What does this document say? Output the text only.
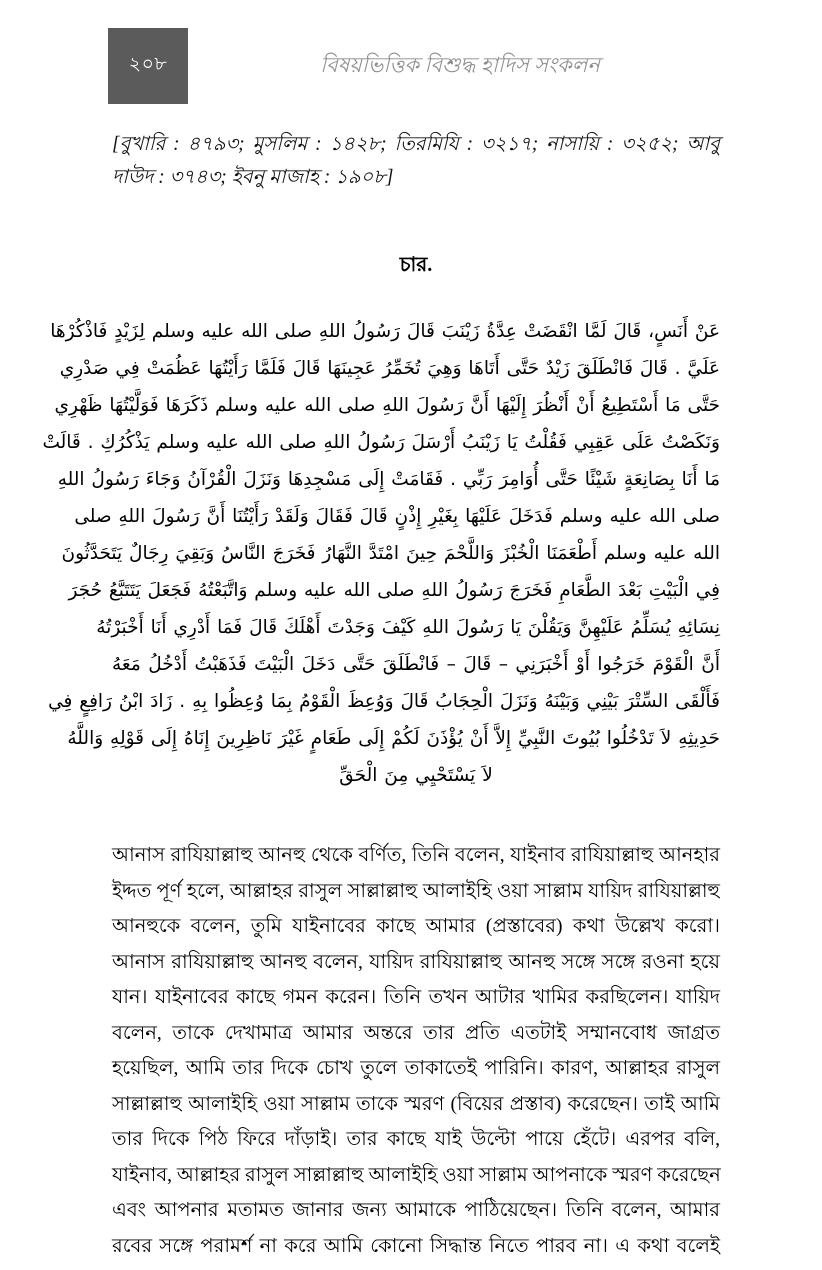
২০৮	বিষয়ভিত্তিক বিশুদ্ধ হাদিস সংকলন

[বুখারি : ৪৭৯৩; মুসলিম : ১৪২৮; তিরমিযি : ৩২১৭; নাসায়ি : ৩২৫২; আবু দাউদ : ৩৭৪৩; ইবনু মাজাহ : ১৯০৮]

চার.
عَنْ أَنَسٍ، قَالَ لَمَّا انْقَضَتْ عِدَّةُ زَيْنَبَ قَالَ رَسُولُ اللهِ صلى الله عليه وسلم لِزَيْدٍ فَاذْكُرْهَا
عَلَيَّ . قَالَ فَانْطَلَقَ زَيْدٌ حَتَّى أَتَاهَا وَهِيَ تُخَمِّرُ عَجِينَهَا قَالَ فَلَمَّا رَأَيْتُهَا عَظُمَتْ فِي صَدْرِي
حَتَّى مَا أَسْتَطِيعُ أَنْ أَنْظُرَ إِلَيْهَا أَنَّ رَسُولَ اللهِ صلى الله عليه وسلم ذَكَرَهَا فَوَلَّيْتُهَا ظَهْرِي
وَنَكَصْتُ عَلَى عَقِبِي فَقُلْتُ يَا زَيْنَبُ أَرْسَلَ رَسُولُ اللهِ صلى الله عليه وسلم يَذْكُرُكِ . قَالَتْ
مَا أَنَا بِصَانِعَةٍ شَيْئًا حَتَّى أُوَامِرَ رَبِّي . فَقَامَتْ إِلَى مَسْجِدِهَا وَنَزَلَ الْقُرْآنُ وَجَاءَ رَسُولُ اللهِ
صلى الله عليه وسلم فَدَخَلَ عَلَيْهَا بِغَيْرِ إِذْنٍ قَالَ فَقَالَ وَلَقَدْ رَأَيْتُنَا أَنَّ رَسُولَ اللهِ صلى
الله عليه وسلم أَطْعَمَنَا الْخُبْزَ وَاللَّحْمَ حِينَ امْتَدَّ النَّهَارُ فَخَرَجَ النَّاسُ وَبَقِيَ رِجَالٌ يَتَحَدَّثُونَ
فِي الْبَيْتِ بَعْدَ الطَّعَامِ فَخَرَجَ رَسُولُ اللهِ صلى الله عليه وسلم وَاتَّبَعْتُهُ فَجَعَلَ يَتَتَبَّعُ حُجَرَ
نِسَائِهِ يُسَلِّمُ عَلَيْهِنَّ وَيَقُلْنَ يَا رَسُولَ اللهِ كَيْفَ وَجَدْتَ أَهْلَكَ قَالَ فَمَا أَدْرِي أَنَا أَخْبَرْتُهُ
أَنَّ الْقَوْمَ خَرَجُوا أَوْ أَخْبَرَنِي – قَالَ – فَانْطَلَقَ حَتَّى دَخَلَ الْبَيْتَ فَذَهَبْتُ أَدْخُلُ مَعَهُ
فَأَلْقَى السِّتْرَ بَيْنِي وَبَيْنَهُ وَنَزَلَ الْحِجَابُ قَالَ وَوُعِظَ الْقَوْمُ بِمَا وُعِظُوا بِهِ . زَادَ ابْنُ رَافِعٍ فِي
حَدِيثِهِ لاَ تَدْخُلُوا بُيُوتَ النَّبِيِّ إِلاَّ أَنْ يُؤْذَنَ لَكُمْ إِلَى طَعَامٍ غَيْرَ نَاظِرِينَ إِنَاهُ إِلَى قَوْلِهِ وَاللَّهُ
لاَ يَسْتَحْيِي مِنَ الْحَقِّ
আনাস রাযিয়াল্লাহু আনহু থেকে বর্ণিত, তিনি বলেন, যাইনাব রাযিয়াল্লাহু আনহার
ইদ্দত পূর্ণ হলে, আল্লাহর রাসুল সাল্লাল্লাহু আলাইহি ওয়া সাল্লাম যায়িদ রাযিয়াল্লাহু
আনহুকে বলেন, তুমি যাইনাবের কাছে আমার (প্রস্তাবের) কথা উল্লেখ করো।
আনাস রাযিয়াল্লাহু আনহু বলেন, যায়িদ রাযিয়াল্লাহু আনহু সঙ্গে সঙ্গে রওনা হয়ে
যান। যাইনাবের কাছে গমন করেন। তিনি তখন আটার খামির করছিলেন। যায়িদ
বলেন, তাকে দেখামাত্র আমার অন্তরে তার প্রতি এতটাই সম্মানবোধ জাগ্রত
হয়েছিল, আমি তার দিকে চোখ তুলে তাকাতেই পারিনি। কারণ, আল্লাহর রাসুল
সাল্লাল্লাহু আলাইহি ওয়া সাল্লাম তাকে স্মরণ (বিয়ের প্রস্তাব) করেছেন। তাই আমি
তার দিকে পিঠ ফিরে দাঁড়াই। তার কাছে যাই উল্টো পায়ে হেঁটে। এরপর বলি,
যাইনাব, আল্লাহর রাসুল সাল্লাল্লাহু আলাইহি ওয়া সাল্লাম আপনাকে স্মরণ করেছেন
এবং আপনার মতামত জানার জন্য আমাকে পাঠিয়েছেন। তিনি বলেন, আমার
রবের সঙ্গে পরামর্শ না করে আমি কোনো সিদ্ধান্ত নিতে পারব না। এ কথা বলেই
